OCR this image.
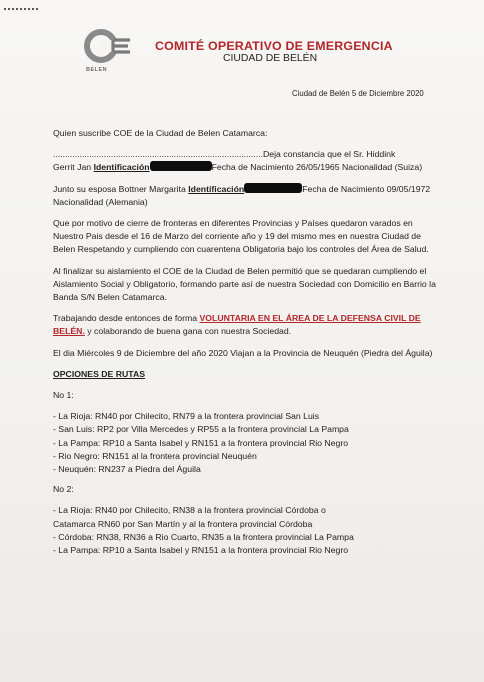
BELEN
COMITÉ OPERATIVO DE EMERGENCIA
CIUDAD DE BELÉN
Ciudad de Belén 5 de Diciembre 2020

Quien suscribe COE de la Ciudad de Belen Catamarca:

.......................................................................................Deja constancia que el Sr. Hiddink
Gerrit Jan Identificación	Fecha de Nacimiento 26/05/1965 Nacionalidad (Suiza)

Junto su esposa Bottner Margarita Identificación	Fecha de Nacimiento 09/05/1972 Nacionalidad (Alemania)

Que por motivo de cierre de fronteras en diferentes Provincias y Países quedaron varados en Nuestro Pais desde el 16 de Marzo del corriente año y 19 del mismo mes en nuestra Ciudad de Belen Respetando y cumpliendo con cuarentena Obligatoria bajo los controles del Área de Salud.

Al finalizar su aislamiento el COE de la Ciudad de Belen permitió que se quedaran cumpliendo el Aislamiento Social y Obligatorio, formando parte así de nuestra Sociedad con Domicilio en Barrio la Banda S/N Belen Catamarca.

Trabajando desde entonces de forma VOLUNTARIA EN EL ÁREA DE LA DEFENSA CIVIL DE BELÉN. y colaborando de buena gana con nuestra Sociedad.

El dia Miércoles 9 de Diciembre del año 2020 Viajan a la Provincia de Neuquén (Piedra del Águila)

OPCIONES DE RUTAS

No 1:

- La Rioja: RN40 por Chilecito, RN79 a la frontera provincial San Luis
- San Luis: RP2 por Villa Mercedes y RP55 a la frontera provincial La Pampa
- La Pampa: RP10 a Santa Isabel y RN151 a la frontera provincial Rio Negro
- Rio Negro: RN151 al la frontera provincial Neuquén
- Neuquén: RN237 a Piedra del Águila

No 2:

- La Rioja: RN40 por Chilecito, RN38 a la frontera provincial Córdoba o
Catamarca RN60 por San Martín y al la frontera provincial Córdoba
- Córdoba: RN38, RN36 a Rio Cuarto, RN35 a la frontera provincial La Pampa
- La Pampa: RP10 a Santa Isabel y RN151 a la frontera provincial Rio Negro
